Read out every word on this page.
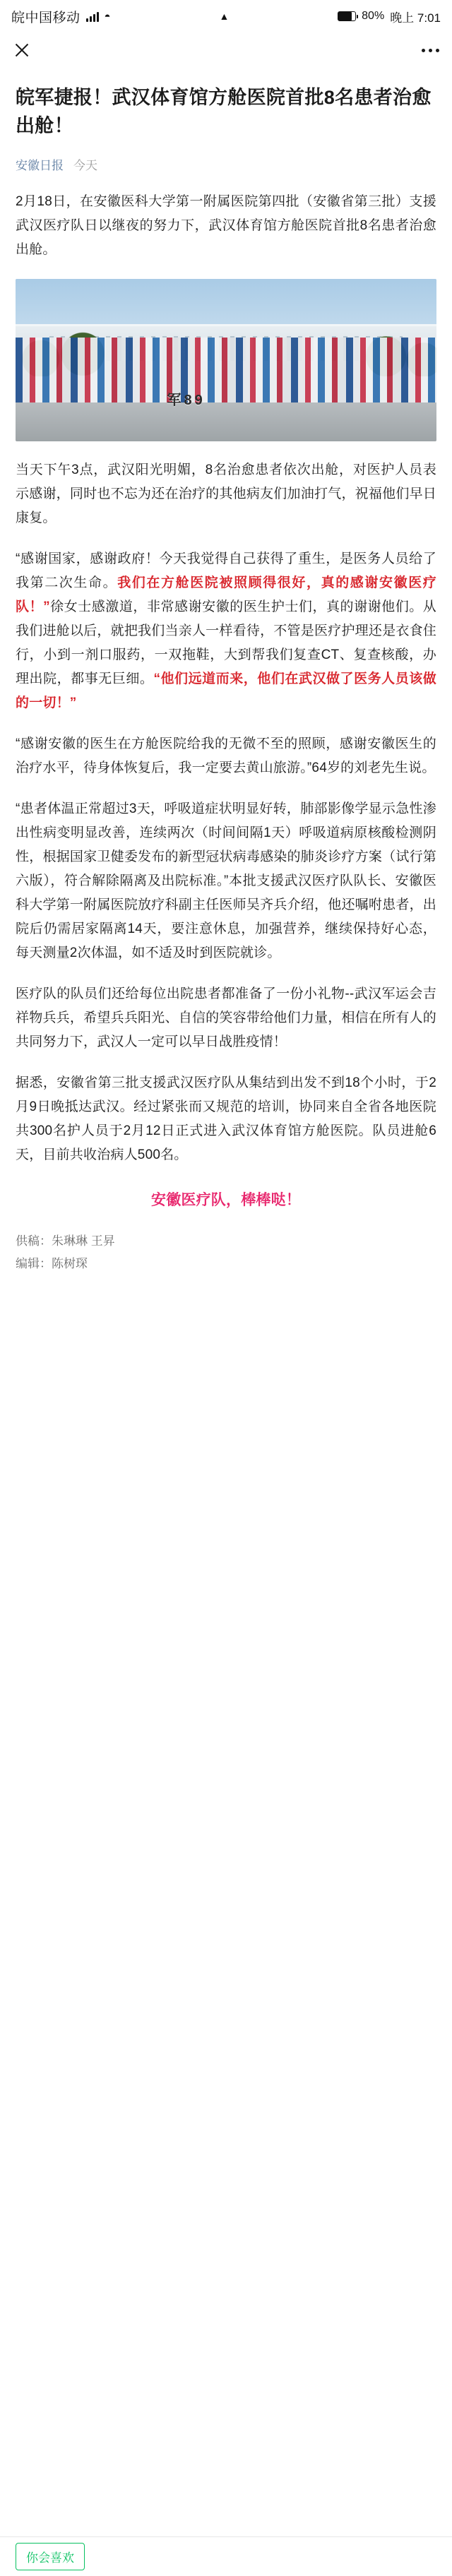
皖中国移动 ◓	▲	80% 晚上 7:01
皖军捷报！武汉体育馆方舱医院首批8名患者治愈出舱！
安徽日报 今天

2月18日，在安徽医科大学第一附属医院第四批（安徽省第三批）支援武汉医疗队日以继夜的努力下，武汉体育馆方舱医院首批8名患者治愈出舱。

军89

当天下午3点，武汉阳光明媚，8名治愈患者依次出舱，对医护人员表示感谢，同时也不忘为还在治疗的其他病友们加油打气，祝福他们早日康复。

“感谢国家，感谢政府！今天我觉得自己获得了重生，是医务人员给了我第二次生命。我们在方舱医院被照顾得很好，真的感谢安徽医疗队！”徐女士感激道，非常感谢安徽的医生护士们，真的谢谢他们。从我们进舱以后，就把我们当亲人一样看待，不管是医疗护理还是衣食住行，小到一剂口服药，一双拖鞋，大到帮我们复查CT、复查核酸，办理出院，都事无巨细。“他们远道而来，他们在武汉做了医务人员该做的一切！”

“感谢安徽的医生在方舱医院给我的无微不至的照顾，感谢安徽医生的治疗水平，待身体恢复后，我一定要去黄山旅游。”64岁的刘老先生说。

“患者体温正常超过3天，呼吸道症状明显好转，肺部影像学显示急性渗出性病变明显改善，连续两次（时间间隔1天）呼吸道病原核酸检测阴性，根据国家卫健委发布的新型冠状病毒感染的肺炎诊疗方案（试行第六版），符合解除隔离及出院标准。”本批支援武汉医疗队队长、安徽医科大学第一附属医院放疗科副主任医师吴齐兵介绍，他还嘱咐患者，出院后仍需居家隔离14天，要注意休息，加强营养，继续保持好心态，每天测量2次体温，如不适及时到医院就诊。

医疗队的队员们还给每位出院患者都准备了一份小礼物--武汉军运会吉祥物兵兵，希望兵兵阳光、自信的笑容带给他们力量，相信在所有人的共同努力下，武汉人一定可以早日战胜疫情！

据悉，安徽省第三批支援武汉医疗队从集结到出发不到18个小时，于2月9日晚抵达武汉。经过紧张而又规范的培训，协同来自全省各地医院共300名护人员于2月12日正式进入武汉体育馆方舱医院。队员进舱6天，目前共收治病人500名。

安徽医疗队，棒棒哒！

供稿：朱琳琳 王昇

编辑：陈树琛

你会喜欢
